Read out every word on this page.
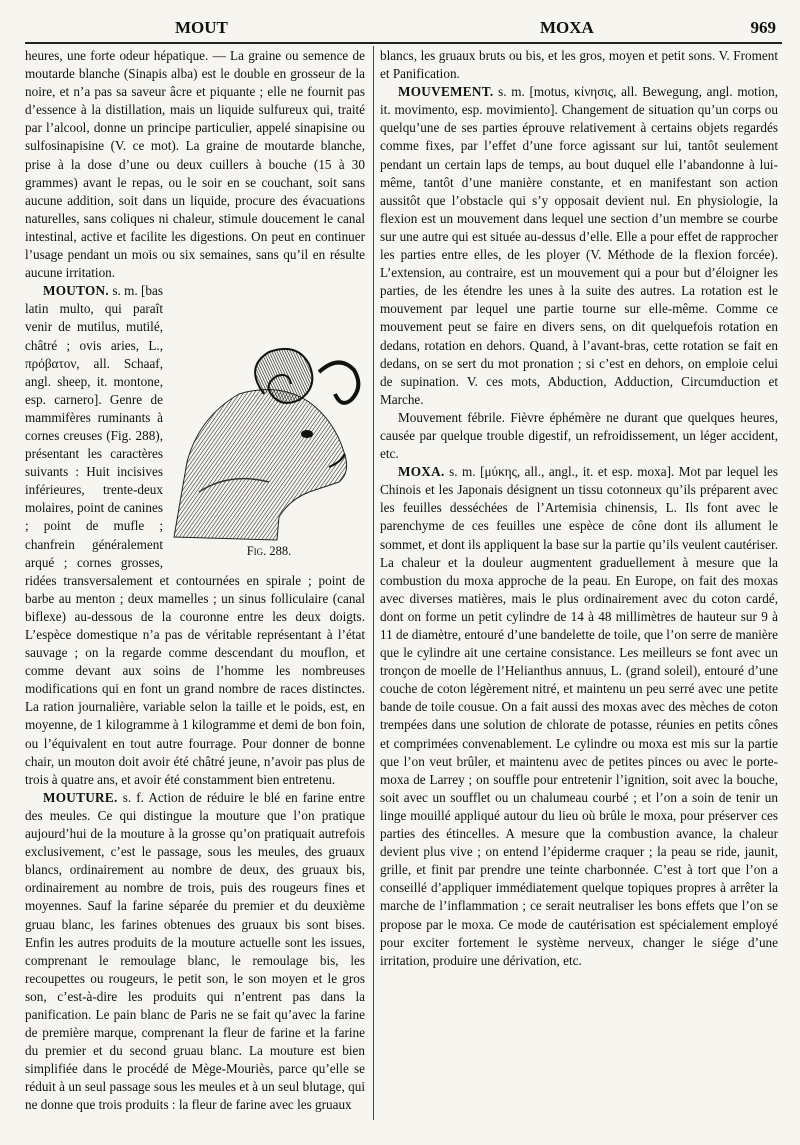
MOUT	MOXA	969

heures, une forte odeur hépatique. — La graine ou semence de moutarde blanche (Sinapis alba) est le double en grosseur de la noire, et n’a pas sa saveur âcre et piquante ; elle ne fournit pas d’essence à la distillation, mais un liquide sulfureux qui, traité par l’alcool, donne un principe particulier, appelé sinapisine ou sulfosinapisine (V. ce mot). La graine de moutarde blanche, prise à la dose d’une ou deux cuillers à bouche (15 à 30 grammes) avant le repas, ou le soir en se couchant, soit sans aucune addition, soit dans un liquide, procure des évacuations naturelles, sans coliques ni chaleur, stimule doucement le canal intestinal, active et facilite les digestions. On peut en continuer l’usage pendant un mois ou six semaines, sans qu’il en résulte aucune irritation.

Fig. 288.

MOUTON. s. m. [bas latin multo, qui paraît venir de mutilus, mutilé, châtré ; ovis aries, L., πρόβατον, all. Schaaf, angl. sheep, it. montone, esp. carnero]. Genre de mammifères ruminants à cornes creuses (Fig. 288), présentant les caractères suivants : Huit incisives inférieures, trente-deux molaires, point de canines ; point de mufle ; chanfrein généralement arqué ; cornes grosses, ridées transversalement et contournées en spirale ; point de barbe au menton ; deux mamelles ; un sinus folliculaire (canal biflexe) au-dessous de la couronne entre les deux doigts. L’espèce domestique n’a pas de véritable représentant à l’état sauvage ; on la regarde comme descendant du mouflon, et comme devant aux soins de l’homme les nombreuses modifications qui en font un grand nombre de races distinctes. La ration journalière, variable selon la taille et le poids, est, en moyenne, de 1 kilogramme à 1 kilogramme et demi de bon foin, ou l’équivalent en tout autre fourrage. Pour donner de bonne chair, un mouton doit avoir été châtré jeune, n’avoir pas plus de trois à quatre ans, et avoir été constamment bien entretenu.

MOUTURE. s. f. Action de réduire le blé en farine entre des meules. Ce qui distingue la mouture que l’on pratique aujourd’hui de la mouture à la grosse qu’on pratiquait autrefois exclusivement, c’est le passage, sous les meules, des gruaux blancs, ordinairement au nombre de deux, des gruaux bis, ordinairement au nombre de trois, puis des rougeurs fines et moyennes. Sauf la farine séparée du premier et du deuxième gruau blanc, les farines obtenues des gruaux bis sont bises. Enfin les autres produits de la mouture actuelle sont les issues, comprenant le remoulage blanc, le remoulage bis, les recoupettes ou rougeurs, le petit son, le son moyen et le gros son, c’est-à-dire les produits qui n’entrent pas dans la panification. Le pain blanc de Paris ne se fait qu’avec la farine de première marque, comprenant la fleur de farine et la farine du premier et du second gruau blanc. La mouture est bien simplifiée dans le procédé de Mège-Mouriès, parce qu’elle se réduit à un seul passage sous les meules et à un seul blutage, qui ne donne que trois produits : la fleur de farine avec les gruaux

blancs, les gruaux bruts ou bis, et les gros, moyen et petit sons. V. Froment et Panification.

MOUVEMENT. s. m. [motus, κίνησις, all. Bewegung, angl. motion, it. movimento, esp. movimiento]. Changement de situation qu’un corps ou quelqu’une de ses parties éprouve relativement à certains objets regardés comme fixes, par l’effet d’une force agissant sur lui, tantôt seulement pendant un certain laps de temps, au bout duquel elle l’abandonne à lui-même, tantôt d’une manière constante, et en manifestant son action aussitôt que l’obstacle qui s’y opposait devient nul. En physiologie, la flexion est un mouvement dans lequel une section d’un membre se courbe sur une autre qui est située au-dessus d’elle. Elle a pour effet de rapprocher les parties entre elles, de les ployer (V. Méthode de la flexion forcée). L’extension, au contraire, est un mouvement qui a pour but d’éloigner les parties, de les étendre les unes à la suite des autres. La rotation est le mouvement par lequel une partie tourne sur elle-même. Comme ce mouvement peut se faire en divers sens, on dit quelquefois rotation en dedans, rotation en dehors. Quand, à l’avant-bras, cette rotation se fait en dedans, on se sert du mot pronation ; si c’est en dehors, on emploie celui de supination. V. ces mots, Abduction, Adduction, Circumduction et Marche.

Mouvement fébrile. Fièvre éphémère ne durant que quelques heures, causée par quelque trouble digestif, un refroidissement, un léger accident, etc.

MOXA. s. m. [μύκης, all., angl., it. et esp. moxa]. Mot par lequel les Chinois et les Japonais désignent un tissu cotonneux qu’ils préparent avec les feuilles desséchées de l’Artemisia chinensis, L. Ils font avec le parenchyme de ces feuilles une espèce de cône dont ils allument le sommet, et dont ils appliquent la base sur la partie qu’ils veulent cautériser. La chaleur et la douleur augmentent graduellement à mesure que la combustion du moxa approche de la peau. En Europe, on fait des moxas avec diverses matières, mais le plus ordinairement avec du coton cardé, dont on forme un petit cylindre de 14 à 48 millimètres de hauteur sur 9 à 11 de diamètre, entouré d’une bandelette de toile, que l’on serre de manière que le cylindre ait une certaine consistance. Les meilleurs se font avec un tronçon de moelle de l’Helianthus annuus, L. (grand soleil), entouré d’une couche de coton légèrement nitré, et maintenu un peu serré avec une petite bande de toile cousue. On a fait aussi des moxas avec des mèches de coton trempées dans une solution de chlorate de potasse, réunies en petits cônes et comprimées convenablement. Le cylindre ou moxa est mis sur la partie que l’on veut brûler, et maintenu avec de petites pinces ou avec le porte-moxa de Larrey ; on souffle pour entretenir l’ignition, soit avec la bouche, soit avec un soufflet ou un chalumeau courbé ; et l’on a soin de tenir un linge mouillé appliqué autour du lieu où brûle le moxa, pour préserver ces parties des étincelles. A mesure que la combustion avance, la chaleur devient plus vive ; on entend l’épiderme craquer ; la peau se ride, jaunit, grille, et finit par prendre une teinte charbonnée. C’est à tort que l’on a conseillé d’appliquer immédiatement quelque topiques propres à arrêter la marche de l’inflammation ; ce serait neutraliser les bons effets que l’on se propose par le moxa. Ce mode de cautérisation est spécialement employé pour exciter fortement le système nerveux, changer le siége d’une irritation, produire une dérivation, etc.
